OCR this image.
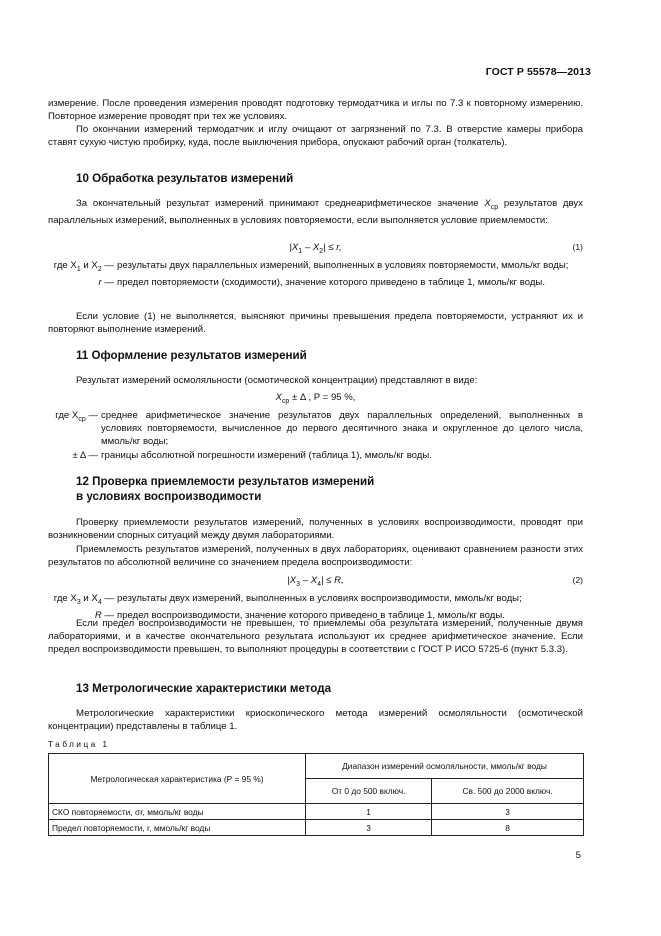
ГОСТ Р 55578—2013

измерение. После проведения измерения проводят подготовку термодатчика и иглы по 7.3 к повторному измерению. Повторное измерение проводят при тех же условиях.

По окончании измерений термодатчик и иглу очищают от загрязнений по 7.3. В отверстие камеры прибора ставят сухую чистую пробирку, куда, после выключения прибора, опускают рабочий орган (толкатель).

10 Обработка результатов измерений

За окончательный результат измерений принимают среднеарифметическое значение $X_{ср}$ результатов двух параллельных измерений, выполненных в условиях повторяемости, если выполняется условие приемлемости:

$|X_1 - X_2| \le r$,	(1)
где $X_1$ и $X_2$ — результаты двух параллельных измерений, выполненных в условиях повторяемости, ммоль/кг воды;
r — предел повторяемости (сходимости), значение которого приведено в таблице 1, ммоль/кг воды.

Если условие (1) не выполняется, выясняют причины превышения предела повторяемости, устраняют их и повторяют выполнение измерений.

11 Оформление результатов измерений

Результат измерений осмоляльности (осмотической концентрации) представляют в виде:

$X_{ср} \pm \Delta$ , P = 95 %,
где $X_{ср}$ — среднее арифметическое значение результатов двух параллельных определений, выполненных в условиях повторяемости, вычисленное до первого десятичного знака и округленное до целого числа, ммоль/кг воды;
± Δ — границы абсолютной погрешности измерений (таблица 1), ммоль/кг воды.
12 Проверка приемлемости результатов измерений
в условиях воспроизводимости

Проверку приемлемости результатов измерений, полученных в условиях воспроизводимости, проводят при возникновении спорных ситуаций между двумя лабораториями.

Приемлемость результатов измерений, полученных в двух лабораториях, оценивают сравнением разности этих результатов по абсолютной величине со значением предела воспроизводимости:

$|X_3 - X_4| \le R$,	(2)
где $X_3$ и $X_4$ — результаты двух измерений, выполненных в условиях воспроизводимости, ммоль/кг воды;
R — предел воспроизводимости, значение которого приведено в таблице 1, ммоль/кг воды.

Если предел воспроизводимости не превышен, то приемлемы оба результата измерений, полученные двумя лабораториями, и в качестве окончательного результата используют их среднее арифметическое значение. Если предел воспроизводимости превышен, то выполняют процедуры в соответствии с ГОСТ Р ИСО 5725-6 (пункт 5.3.3).

13 Метрологические характеристики метода

Метрологические характеристики криоскопического метода измерений осмоляльности (осмотической концентрации) представлены в таблице 1.

Таблица 1
Метрологическая характеристика (P = 95 %)	Диапазон измерений осмоляльности, ммоль/кг воды	
	От 0 до 500 включ.	Св. 500 до 2000 включ.
СКО повторяемости, σr, ммоль/кг воды	1	3
Предел повторяемости, r, ммоль/кг воды	3	8
5
